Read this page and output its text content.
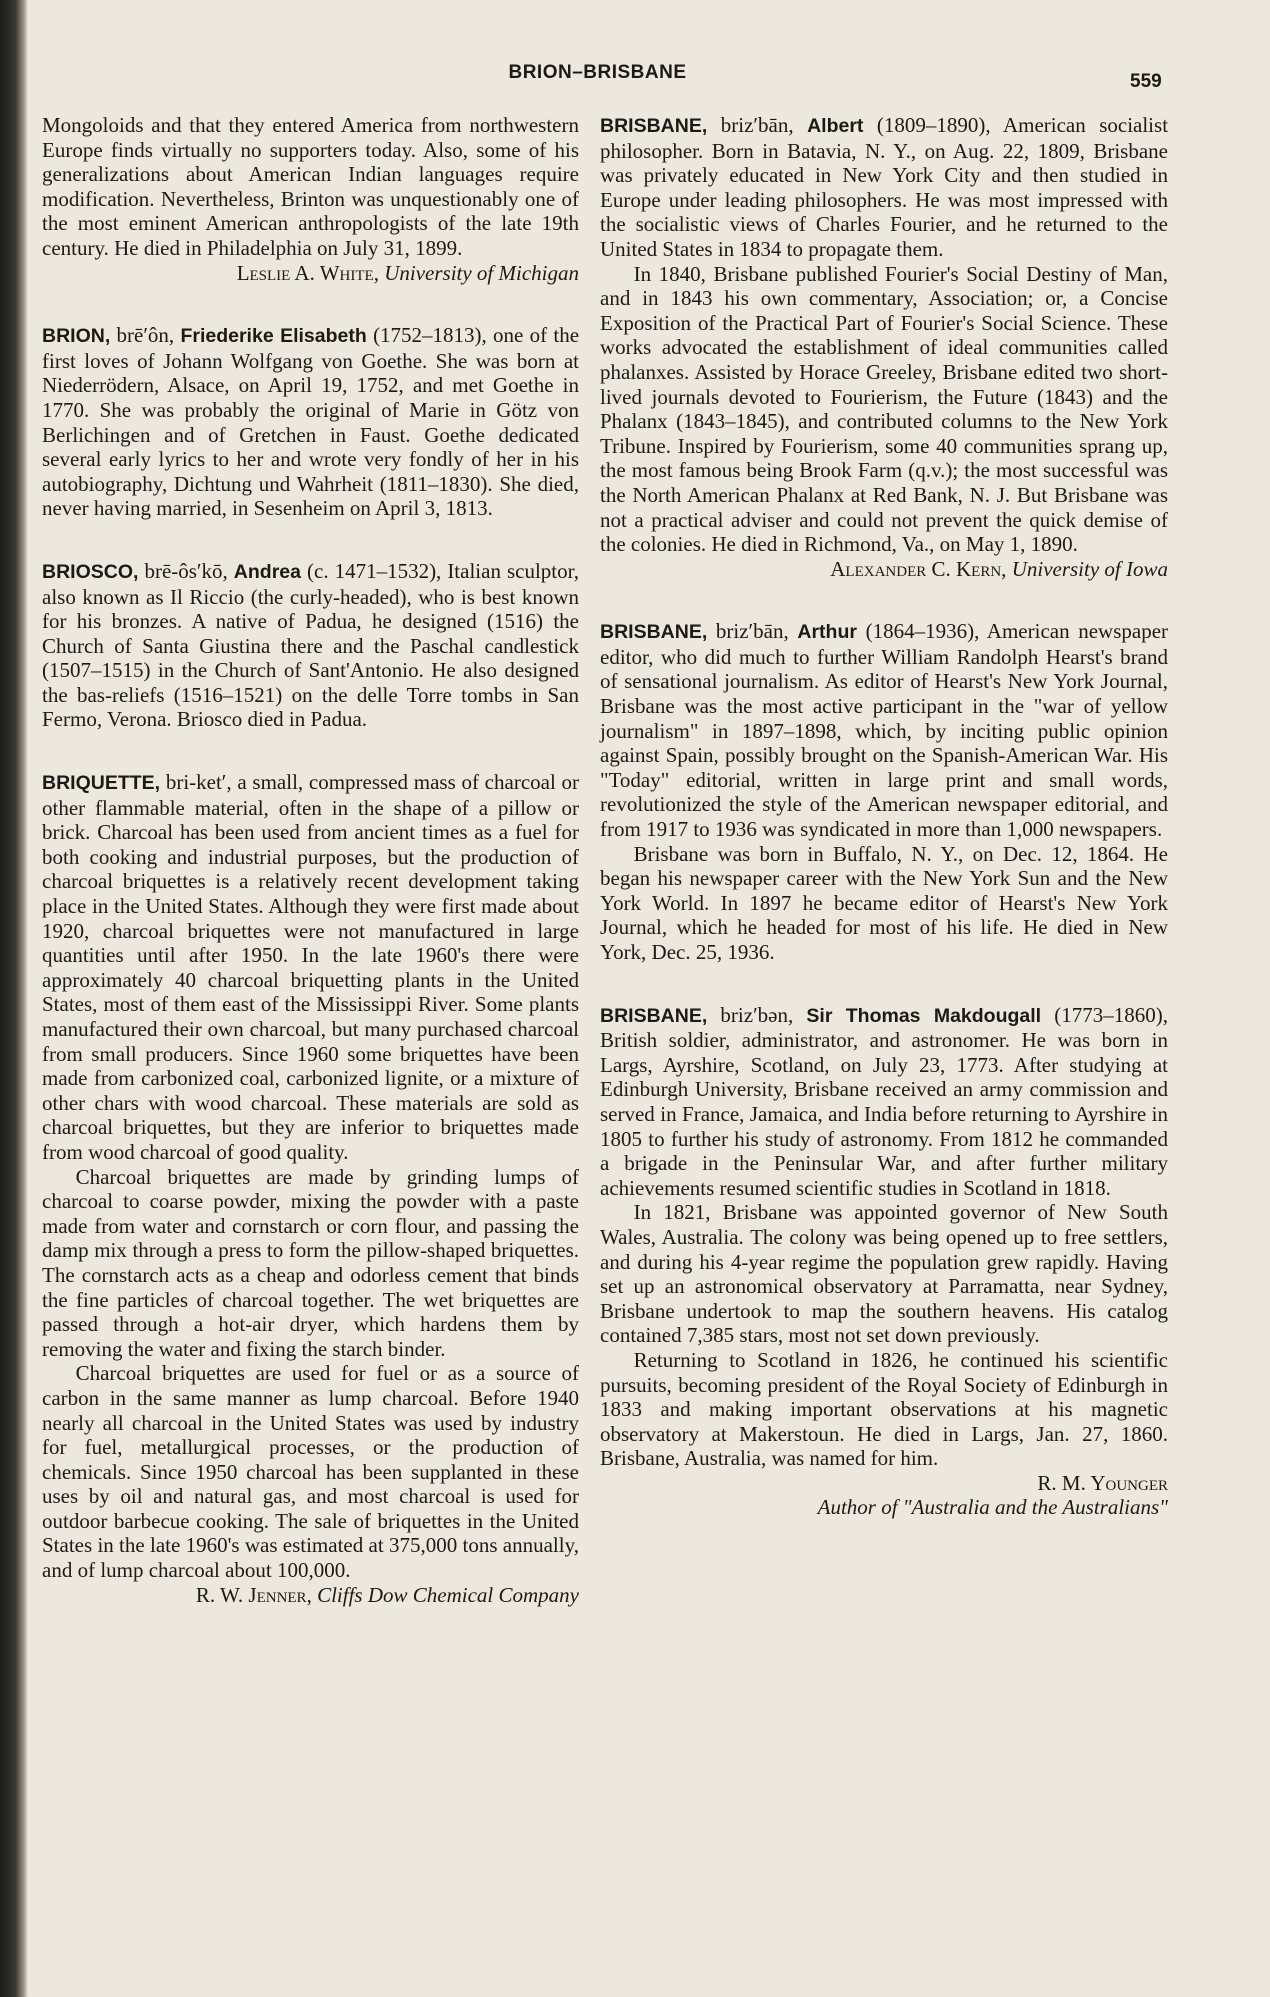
BRION–BRISBANE	559

Mongoloids and that they entered America from northwestern Europe finds virtually no supporters today. Also, some of his generalizations about American Indian languages require modification. Nevertheless, Brinton was unquestionably one of the most eminent American anthropologists of the late 19th century. He died in Philadelphia on July 31, 1899.

Leslie A. White, University of Michigan

BRION, brē′ôn, Friederike Elisabeth (1752–1813), one of the first loves of Johann Wolfgang von Goethe. She was born at Niederrödern, Alsace, on April 19, 1752, and met Goethe in 1770. She was probably the original of Marie in Götz von Berlichingen and of Gretchen in Faust. Goethe dedicated several early lyrics to her and wrote very fondly of her in his autobiography, Dichtung und Wahrheit (1811–1830). She died, never having married, in Sesenheim on April 3, 1813.

BRIOSCO, brē-ôs′kō, Andrea (c. 1471–1532), Italian sculptor, also known as Il Riccio (the curly-headed), who is best known for his bronzes. A native of Padua, he designed (1516) the Church of Santa Giustina there and the Paschal candlestick (1507–1515) in the Church of Sant'Antonio. He also designed the bas-reliefs (1516–1521) on the delle Torre tombs in San Fermo, Verona. Briosco died in Padua.

BRIQUETTE, bri-ket′, a small, compressed mass of charcoal or other flammable material, often in the shape of a pillow or brick. Charcoal has been used from ancient times as a fuel for both cooking and industrial purposes, but the production of charcoal briquettes is a relatively recent development taking place in the United States. Although they were first made about 1920, charcoal briquettes were not manufactured in large quantities until after 1950. In the late 1960's there were approximately 40 charcoal briquetting plants in the United States, most of them east of the Mississippi River. Some plants manufactured their own charcoal, but many purchased charcoal from small producers. Since 1960 some briquettes have been made from carbonized coal, carbonized lignite, or a mixture of other chars with wood charcoal. These materials are sold as charcoal briquettes, but they are inferior to briquettes made from wood charcoal of good quality.

Charcoal briquettes are made by grinding lumps of charcoal to coarse powder, mixing the powder with a paste made from water and cornstarch or corn flour, and passing the damp mix through a press to form the pillow-shaped briquettes. The cornstarch acts as a cheap and odorless cement that binds the fine particles of charcoal together. The wet briquettes are passed through a hot-air dryer, which hardens them by removing the water and fixing the starch binder.

Charcoal briquettes are used for fuel or as a source of carbon in the same manner as lump charcoal. Before 1940 nearly all charcoal in the United States was used by industry for fuel, metallurgical processes, or the production of chemicals. Since 1950 charcoal has been supplanted in these uses by oil and natural gas, and most charcoal is used for outdoor barbecue cooking. The sale of briquettes in the United States in the late 1960's was estimated at 375,000 tons annually, and of lump charcoal about 100,000.

R. W. Jenner, Cliffs Dow Chemical Company

BRISBANE, briz′bān, Albert (1809–1890), American socialist philosopher. Born in Batavia, N. Y., on Aug. 22, 1809, Brisbane was privately educated in New York City and then studied in Europe under leading philosophers. He was most impressed with the socialistic views of Charles Fourier, and he returned to the United States in 1834 to propagate them.

In 1840, Brisbane published Fourier's Social Destiny of Man, and in 1843 his own commentary, Association; or, a Concise Exposition of the Practical Part of Fourier's Social Science. These works advocated the establishment of ideal communities called phalanxes. Assisted by Horace Greeley, Brisbane edited two short-lived journals devoted to Fourierism, the Future (1843) and the Phalanx (1843–1845), and contributed columns to the New York Tribune. Inspired by Fourierism, some 40 communities sprang up, the most famous being Brook Farm (q.v.); the most successful was the North American Phalanx at Red Bank, N. J. But Brisbane was not a practical adviser and could not prevent the quick demise of the colonies. He died in Richmond, Va., on May 1, 1890.

Alexander C. Kern, University of Iowa

BRISBANE, briz′bān, Arthur (1864–1936), American newspaper editor, who did much to further William Randolph Hearst's brand of sensational journalism. As editor of Hearst's New York Journal, Brisbane was the most active participant in the "war of yellow journalism" in 1897–1898, which, by inciting public opinion against Spain, possibly brought on the Spanish-American War. His "Today" editorial, written in large print and small words, revolutionized the style of the American newspaper editorial, and from 1917 to 1936 was syndicated in more than 1,000 newspapers.

Brisbane was born in Buffalo, N. Y., on Dec. 12, 1864. He began his newspaper career with the New York Sun and the New York World. In 1897 he became editor of Hearst's New York Journal, which he headed for most of his life. He died in New York, Dec. 25, 1936.

BRISBANE, briz′bən, Sir Thomas Makdougall (1773–1860), British soldier, administrator, and astronomer. He was born in Largs, Ayrshire, Scotland, on July 23, 1773. After studying at Edinburgh University, Brisbane received an army commission and served in France, Jamaica, and India before returning to Ayrshire in 1805 to further his study of astronomy. From 1812 he commanded a brigade in the Peninsular War, and after further military achievements resumed scientific studies in Scotland in 1818.

In 1821, Brisbane was appointed governor of New South Wales, Australia. The colony was being opened up to free settlers, and during his 4-year regime the population grew rapidly. Having set up an astronomical observatory at Parramatta, near Sydney, Brisbane undertook to map the southern heavens. His catalog contained 7,385 stars, most not set down previously.

Returning to Scotland in 1826, he continued his scientific pursuits, becoming president of the Royal Society of Edinburgh in 1833 and making important observations at his magnetic observatory at Makerstoun. He died in Largs, Jan. 27, 1860. Brisbane, Australia, was named for him.

R. M. Younger

Author of "Australia and the Australians"
